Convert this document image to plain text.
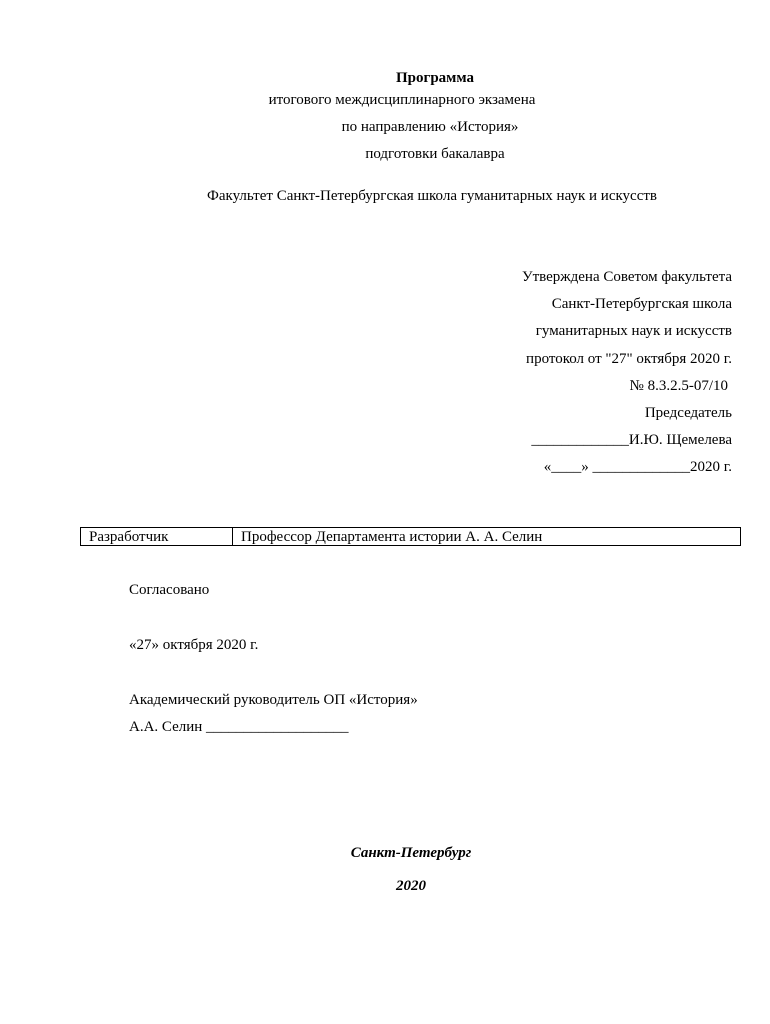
Программа
итогового междисциплинарного экзамена
по направлению «История»
подготовки бакалавра
Факультет Санкт-Петербургская школа гуманитарных наук и искусств
Утверждена Советом факультета
Санкт-Петербургская школа
гуманитарных наук и искусств
протокол от "27" октября 2020 г.
№ 8.3.2.5-07/10
Председатель
_____________И.Ю. Щемелева
«____» _____________2020 г.
Разработчик	Профессор Департамента истории А. А. Селин
Согласовано
«27» октября 2020 г.
Академический руководитель ОП «История»
А.А. Селин ___________________
Санкт-Петербург
2020
